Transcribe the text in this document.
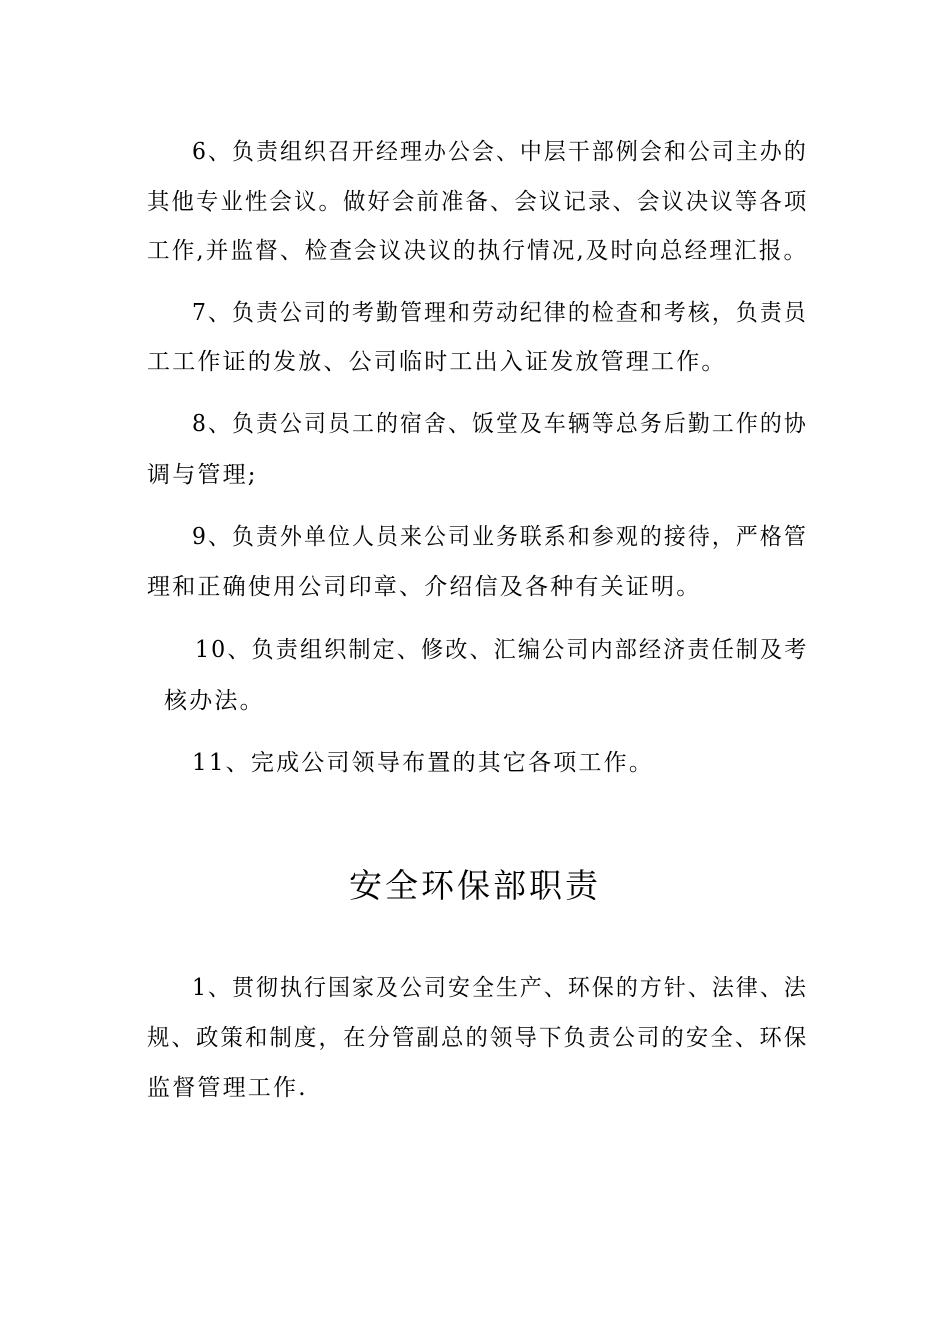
6、负责组织召开经理办公会、中层干部例会和公司主办的
其他专业性会议。做好会前准备、会议记录、会议决议等各项
工作,并监督、检查会议决议的执行情况,及时向总经理汇报。
7、负责公司的考勤管理和劳动纪律的检查和考核，负责员
工工作证的发放、公司临时工出入证发放管理工作。
8、负责公司员工的宿舍、饭堂及车辆等总务后勤工作的协
调与管理;
9、负责外单位人员来公司业务联系和参观的接待，严格管
理和正确使用公司印章、介绍信及各种有关证明。
10、负责组织制定、修改、汇编公司内部经济责任制及考
核办法。
11、完成公司领导布置的其它各项工作。
安全环保部职责
1、贯彻执行国家及公司安全生产、环保的方针、法律、法
规、政策和制度，在分管副总的领导下负责公司的安全、环保
监督管理工作.
